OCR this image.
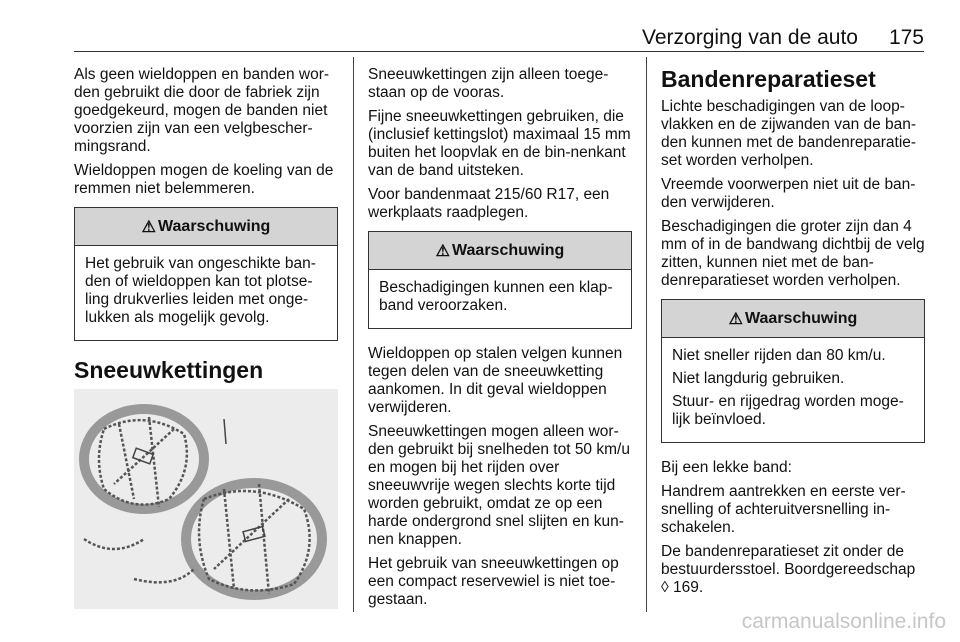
Verzorging van de auto 175

Als geen wieldoppen en banden wor-den gebruikt die door de fabriek zijn goedgekeurd, mogen de banden niet voorzien zijn van een velgbescher-mingsrand.

Wieldoppen mogen de koeling van de remmen niet belemmeren.

⚠ Waarschuwing

Het gebruik van ongeschikte ban-den of wieldoppen kan tot plotse-ling drukverlies leiden met onge-lukken als mogelijk gevolg.

Sneeuwkettingen

Sneeuwkettingen zijn alleen toege-staan op de vooras.

Fijne sneeuwkettingen gebruiken, die (inclusief kettingslot) maximaal 15 mm buiten het loopvlak en de bin-nenkant van de band uitsteken.

Voor bandenmaat 215/60 R17, een werkplaats raadplegen.

⚠ Waarschuwing

Beschadigingen kunnen een klap-band veroorzaken.

Wieldoppen op stalen velgen kunnen tegen delen van de sneeuwketting aankomen. In dit geval wieldoppen verwijderen.

Sneeuwkettingen mogen alleen wor-den gebruikt bij snelheden tot 50 km/u en mogen bij het rijden over sneeuwvrije wegen slechts korte tijd worden gebruikt, omdat ze op een harde ondergrond snel slijten en kun-nen knappen.

Het gebruik van sneeuwkettingen op een compact reservewiel is niet toe-gestaan.

Bandenreparatieset

Lichte beschadigingen van de loop-vlakken en de zijwanden van de ban-den kunnen met de bandenreparatie-set worden verholpen.

Vreemde voorwerpen niet uit de ban-den verwijderen.

Beschadigingen die groter zijn dan 4 mm of in de bandwang dichtbij de velg zitten, kunnen niet met de ban-denreparatieset worden verholpen.

⚠ Waarschuwing

Niet sneller rijden dan 80 km/u.

Niet langdurig gebruiken.

Stuur- en rijgedrag worden moge-lijk beïnvloed.

Bij een lekke band:

Handrem aantrekken en eerste ver-snelling of achteruitversnelling in-schakelen.

De bandenreparatieset zit onder de bestuurdersstoel. Boordgereedschap ◊ 169.

carmanualsonline.info
